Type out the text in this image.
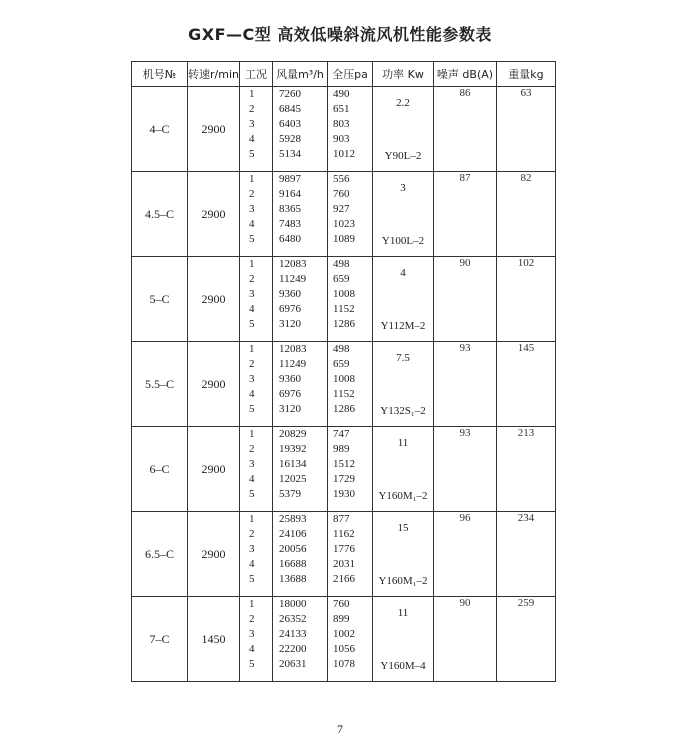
GXF—C型 高效低噪斜流风机性能参数表
机号№	转速r/min	工况	风量m³/h	全压pa	功率 Kw	噪声 dB(A)	重量kg
4–C	2900	1
2
3
4
5	7260
6845
6403
5928
5134	490
651
803
903
1012	2.2
Y90L–2	86	63
4.5–C	2900	1
2
3
4
5	9897
9164
8365
7483
6480	556
760
927
1023
1089	3
Y100L–2	87	82
5–C	2900	1
2
3
4
5	12083
11249
9360
6976
3120	498
659
1008
1152
1286	4
Y112M–2	90	102
5.5–C	2900	1
2
3
4
5	12083
11249
9360
6976
3120	498
659
1008
1152
1286	7.5
Y132S₁–2	93	145
6–C	2900	1
2
3
4
5	20829
19392
16134
12025
5379	747
989
1512
1729
1930	11
Y160M₁–2	93	213
6.5–C	2900	1
2
3
4
5	25893
24106
20056
16688
13688	877
1162
1776
2031
2166	15
Y160M₁–2	96	234
7–C	1450	1
2
3
4
5	18000
26352
24133
22200
20631	760
899
1002
1056
1078	11
Y160M–4	90	259
7
